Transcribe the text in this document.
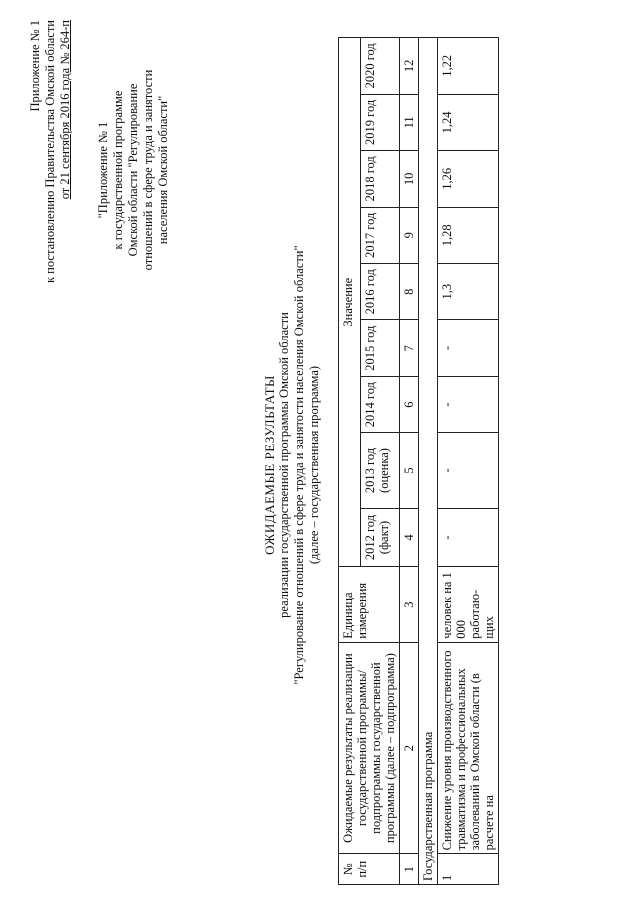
Приложение № 1 к постановлению Правительства Омской области от 21 сентября 2016 года № 264-п "Приложение № 1 к государственной программе Омской области "Регулирование отношений в сфере труда и занятости населения Омской области"
ОЖИДАЕМЫЕ РЕЗУЛЬТАТЫ реализации государственной программы Омской области "Регулирование отношений в сфере труда и занятости населения Омской области" (далее – государственная программа)
№ п/п	Ожидаемые результаты реализации государственной программы/подпрограммы государственной программы (далее – подпрограмма)	Единица измерения	Значение								
			2012 год (факт)	2013 год (оценка)	2014 год	2015 год	2016 год	2017 год	2018 год	2019 год	2020 год
1	2	3	4	5	6	7	8	9	10	11	12
Государственная программа											
1	Снижение уровня производственного травматизма и профессиональных заболеваний в Омской области (в расчете на	человек на 1 000 работаю-щих	-	-	-	-	1,3	1,28	1,26	1,24	1,22
